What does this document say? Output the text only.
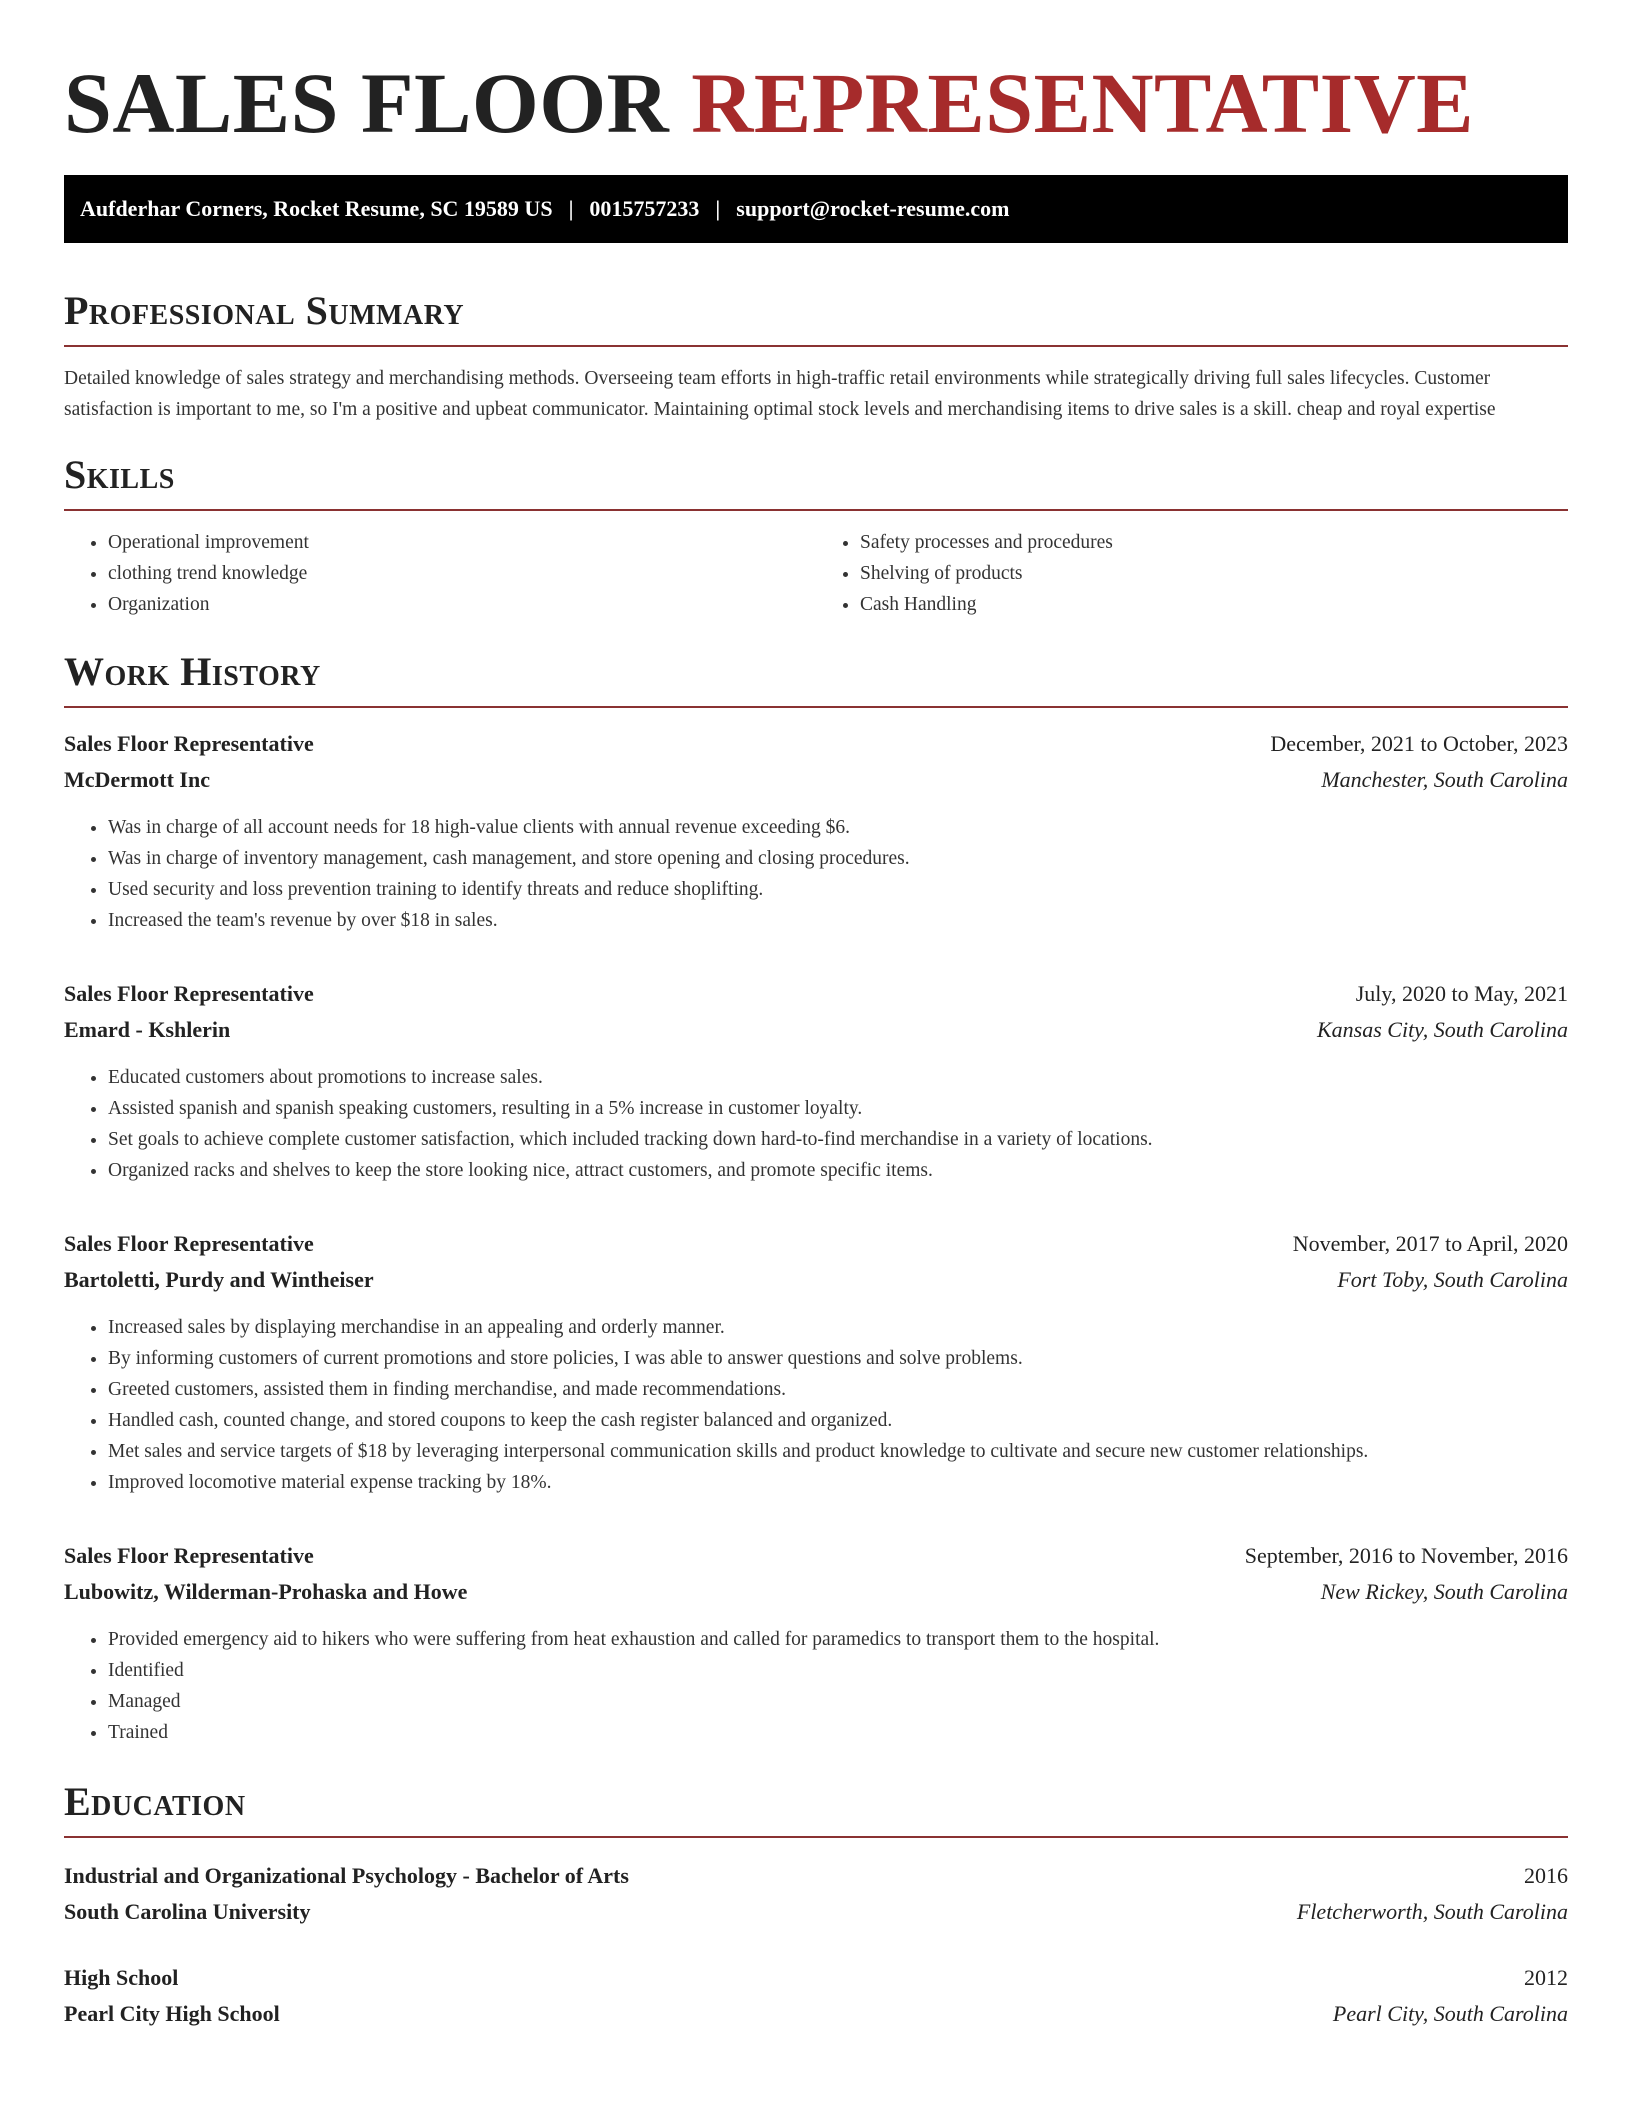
SALES FLOOR REPRESENTATIVE
Aufderhar Corners, Rocket Resume, SC 19589 US | 0015757233 | support@rocket-resume.com
Professional Summary

Detailed knowledge of sales strategy and merchandising methods. Overseeing team efforts in high-traffic retail environments while strategically driving full sales lifecycles. Customer satisfaction is important to me, so I'm a positive and upbeat communicator. Maintaining optimal stock levels and merchandising items to drive sales is a skill. cheap and royal expertise

Skills
• Operational improvement
• clothing trend knowledge
• Organization
• Safety processes and procedures
• Shelving of products
• Cash Handling
Work History
Sales Floor Representative	December, 2021 to October, 2023
McDermott Inc	Manchester, South Carolina
• Was in charge of all account needs for 18 high-value clients with annual revenue exceeding $6.
• Was in charge of inventory management, cash management, and store opening and closing procedures.
• Used security and loss prevention training to identify threats and reduce shoplifting.
• Increased the team's revenue by over $18 in sales.
Sales Floor Representative	July, 2020 to May, 2021
Emard - Kshlerin	Kansas City, South Carolina
• Educated customers about promotions to increase sales.
• Assisted spanish and spanish speaking customers, resulting in a 5% increase in customer loyalty.
• Set goals to achieve complete customer satisfaction, which included tracking down hard-to-find merchandise in a variety of locations.
• Organized racks and shelves to keep the store looking nice, attract customers, and promote specific items.
Sales Floor Representative	November, 2017 to April, 2020
Bartoletti, Purdy and Wintheiser	Fort Toby, South Carolina
• Increased sales by displaying merchandise in an appealing and orderly manner.
• By informing customers of current promotions and store policies, I was able to answer questions and solve problems.
• Greeted customers, assisted them in finding merchandise, and made recommendations.
• Handled cash, counted change, and stored coupons to keep the cash register balanced and organized.
• Met sales and service targets of $18 by leveraging interpersonal communication skills and product knowledge to cultivate and secure new customer relationships.
• Improved locomotive material expense tracking by 18%.
Sales Floor Representative	September, 2016 to November, 2016
Lubowitz, Wilderman-Prohaska and Howe	New Rickey, South Carolina
• Provided emergency aid to hikers who were suffering from heat exhaustion and called for paramedics to transport them to the hospital.
• Identified
• Managed
• Trained
Education
Industrial and Organizational Psychology - Bachelor of Arts	2016
South Carolina University	Fletcherworth, South Carolina
High School	2012
Pearl City High School	Pearl City, South Carolina
